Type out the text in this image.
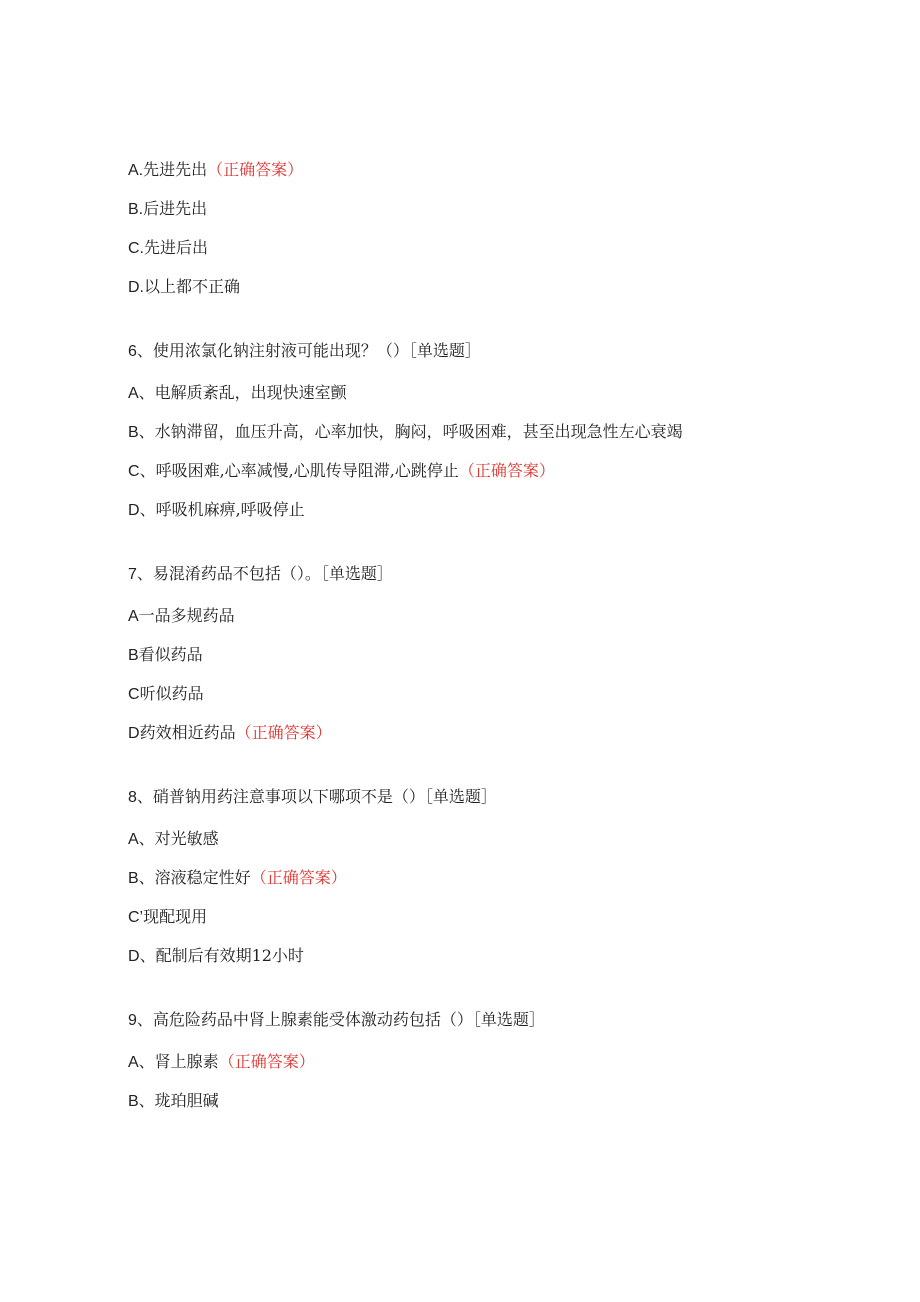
A.先进先出（正确答案）
B.后进先出
C.先进后出
D.以上都不正确
6、使用浓氯化钠注射液可能出现？（）［单选题］
A、电解质紊乱，出现快速室颤
B、水钠滞留，血压升高，心率加快，胸闷，呼吸困难，甚至出现急性左心衰竭
C、呼吸困难,心率减慢,心肌传导阻滞,心跳停止（正确答案）
D、呼吸机麻痹,呼吸停止
7、易混淆药品不包括（）。［单选题］
A一品多规药品
B看似药品
C听似药品
D药效相近药品（正确答案）
8、硝普钠用药注意事项以下哪项不是（）［单选题］
A、对光敏感
B、溶液稳定性好（正确答案）
C’现配现用
D、配制后有效期12小时
9、高危险药品中肾上腺素能受体激动药包括（）［单选题］
A、肾上腺素（正确答案）
B、珑珀胆碱
